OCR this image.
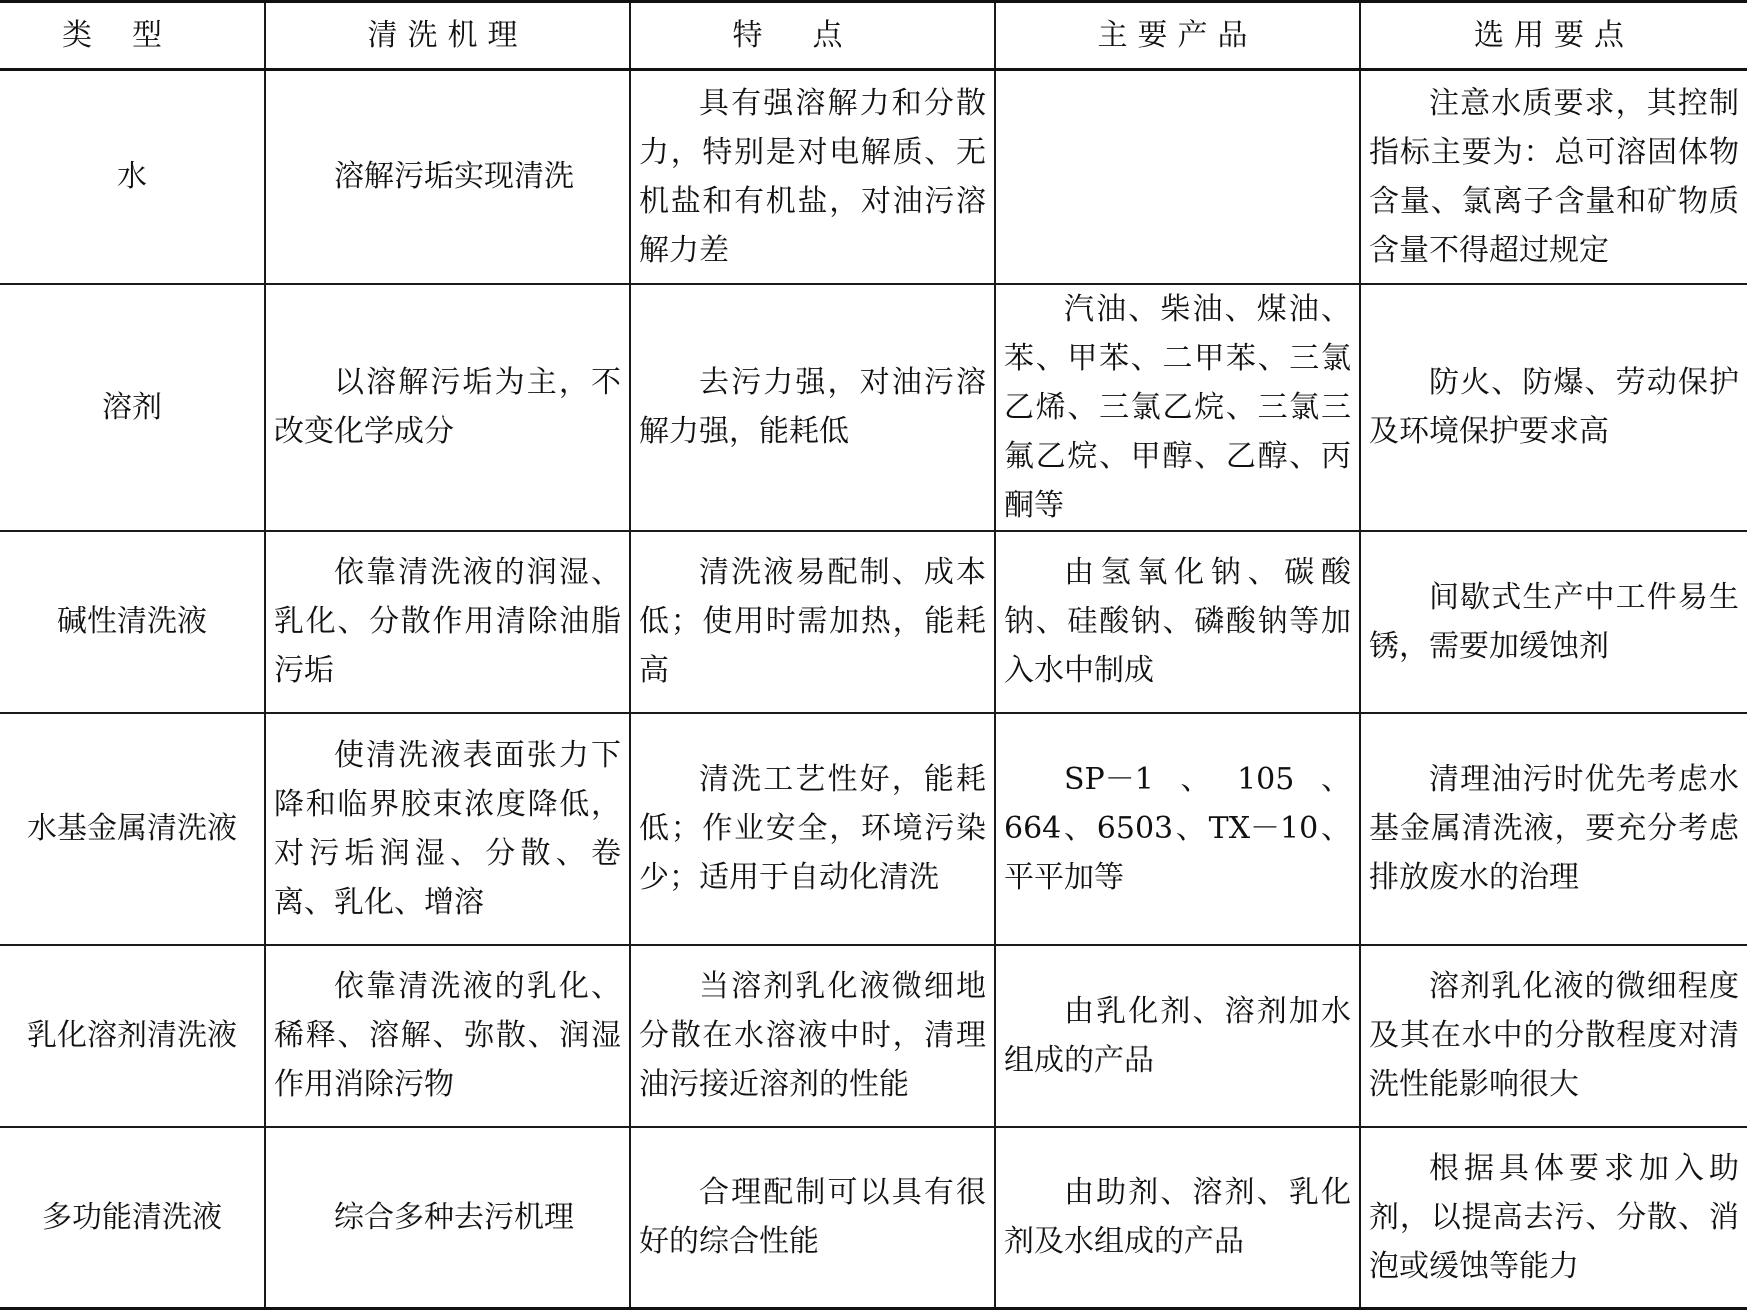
类型	清洗机理	特点	主要产品	选用要点
水	溶解污垢实现清洗	具有强溶解力和分散力，特别是对电解质、无机盐和有机盐，对油污溶解力差		注意水质要求，其控制指标主要为：总可溶固体物含量、氯离子含量和矿物质含量不得超过规定
溶剂	以溶解污垢为主，不改变化学成分	去污力强，对油污溶解力强，能耗低	汽油、柴油、煤油、苯、甲苯、二甲苯、三氯乙烯、三氯乙烷、三氯三氟乙烷、甲醇、乙醇、丙酮等	防火、防爆、劳动保护及环境保护要求高
碱性清洗液	依靠清洗液的润湿、乳化、分散作用清除油脂污垢	清洗液易配制、成本低；使用时需加热，能耗高	由氢氧化钠、碳酸钠、硅酸钠、磷酸钠等加入水中制成	间歇式生产中工件易生锈，需要加缓蚀剂
水基金属清洗液	使清洗液表面张力下降和临界胶束浓度降低，对污垢润湿、分散、卷离、乳化、增溶	清洗工艺性好，能耗低；作业安全，环境污染少；适用于自动化清洗	SP－1、105、664、6503、TX－10、平平加等	清理油污时优先考虑水基金属清洗液，要充分考虑排放废水的治理
乳化溶剂清洗液	依靠清洗液的乳化、稀释、溶解、弥散、润湿作用消除污物	当溶剂乳化液微细地分散在水溶液中时，清理油污接近溶剂的性能	由乳化剂、溶剂加水组成的产品	溶剂乳化液的微细程度及其在水中的分散程度对清洗性能影响很大
多功能清洗液	综合多种去污机理	合理配制可以具有很好的综合性能	由助剂、溶剂、乳化剂及水组成的产品	根据具体要求加入助剂，以提高去污、分散、消泡或缓蚀等能力
